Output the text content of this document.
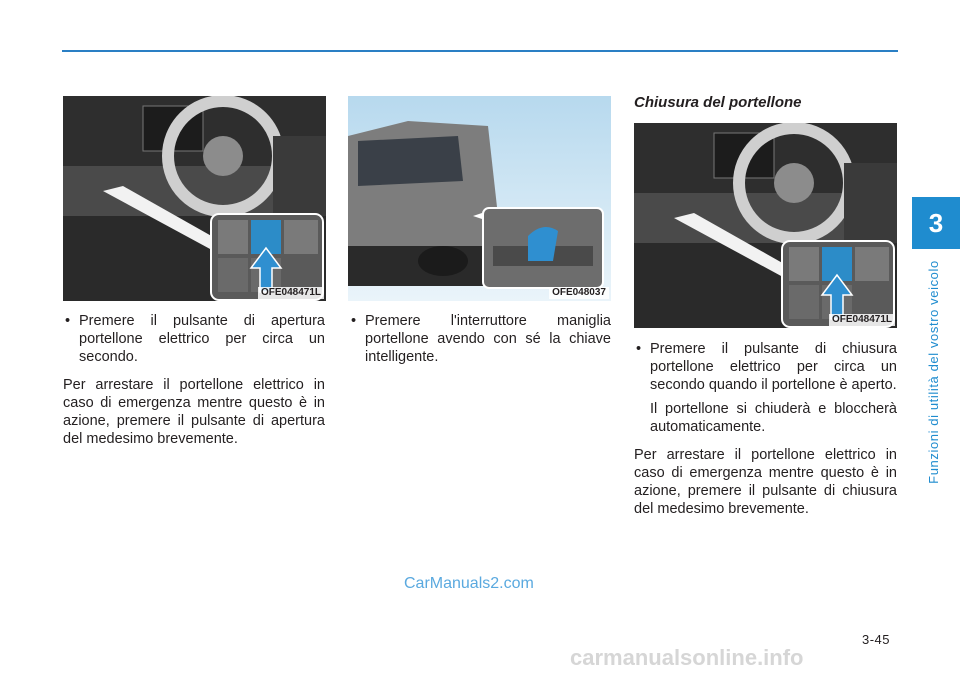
3
Funzioni di utilità del vostro veicolo
OFE048471L	OFE048037
OFE048471L
• Premere il pulsante di apertura portellone elettrico per circa un secondo.
Per arrestare il portellone elettrico in caso di emergenza mentre questo è in azione, premere il pulsante di apertura del medesimo brevemente.
• Premere l'interruttore maniglia portellone avendo con sé la chiave intelligente.
Chiusura del portellone
• Premere il pulsante di chiusura portellone elettrico per circa un secondo quando il portellone è aperto.
Il portellone si chiuderà e bloccherà automaticamente.
Per arrestare il portellone elettrico in caso di emergenza mentre questo è in azione, premere il pulsante di chiusura del medesimo brevemente.
CarManuals2.com
3-45
carmanualsonline.info
